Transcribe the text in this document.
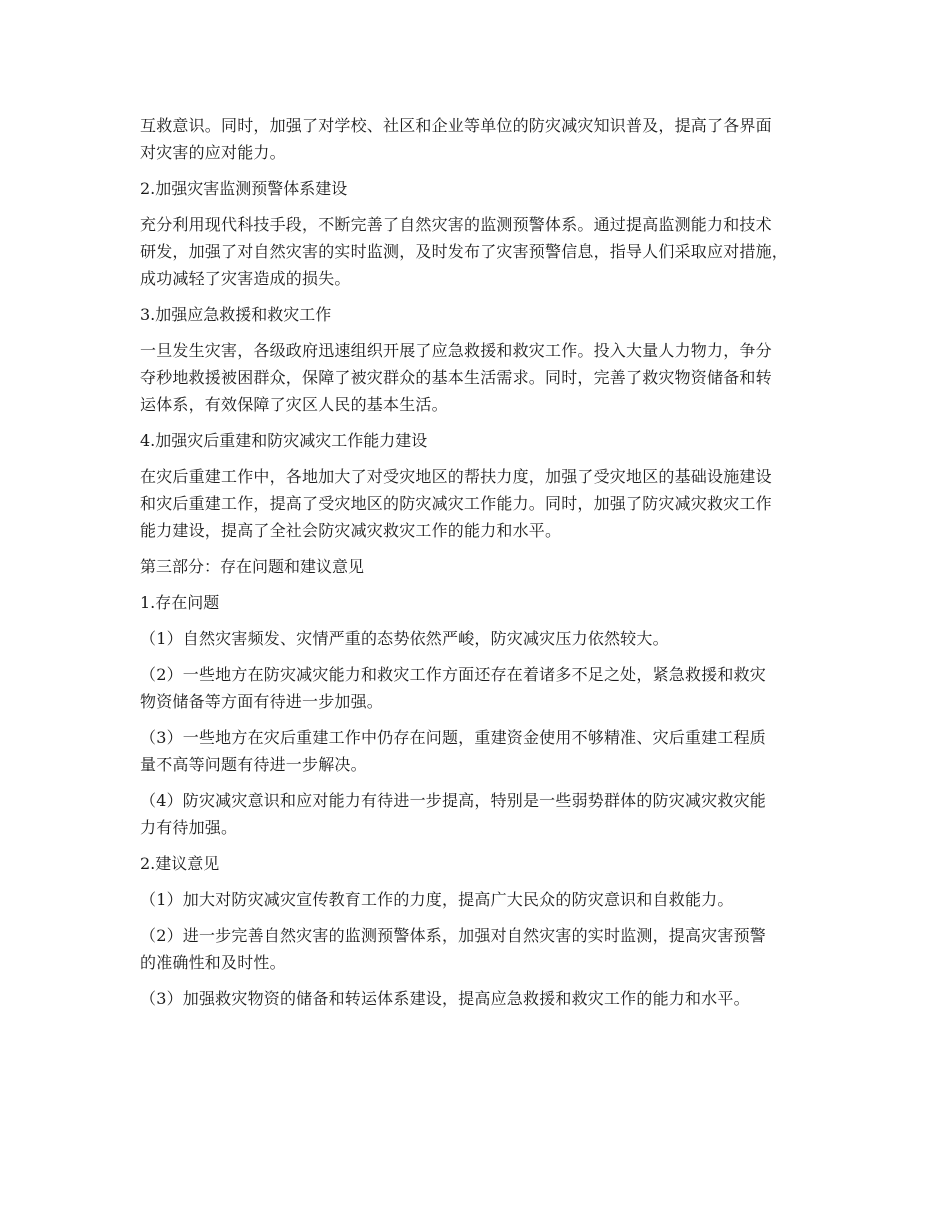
互救意识。同时，加强了对学校、社区和企业等单位的防灾减灾知识普及，提高了各界面
对灾害的应对能力。
2.加强灾害监测预警体系建设
充分利用现代科技手段，不断完善了自然灾害的监测预警体系。通过提高监测能力和技术
研发，加强了对自然灾害的实时监测，及时发布了灾害预警信息，指导人们采取应对措施，
成功减轻了灾害造成的损失。
3.加强应急救援和救灾工作
一旦发生灾害，各级政府迅速组织开展了应急救援和救灾工作。投入大量人力物力，争分
夺秒地救援被困群众，保障了被灾群众的基本生活需求。同时，完善了救灾物资储备和转
运体系，有效保障了灾区人民的基本生活。
4.加强灾后重建和防灾减灾工作能力建设
在灾后重建工作中，各地加大了对受灾地区的帮扶力度，加强了受灾地区的基础设施建设
和灾后重建工作，提高了受灾地区的防灾减灾工作能力。同时，加强了防灾减灾救灾工作
能力建设，提高了全社会防灾减灾救灾工作的能力和水平。
第三部分：存在问题和建议意见
1.存在问题
（1）自然灾害频发、灾情严重的态势依然严峻，防灾减灾压力依然较大。
（2）一些地方在防灾减灾能力和救灾工作方面还存在着诸多不足之处，紧急救援和救灾
物资储备等方面有待进一步加强。
（3）一些地方在灾后重建工作中仍存在问题，重建资金使用不够精准、灾后重建工程质
量不高等问题有待进一步解决。
（4）防灾减灾意识和应对能力有待进一步提高，特别是一些弱势群体的防灾减灾救灾能
力有待加强。
2.建议意见
（1）加大对防灾减灾宣传教育工作的力度，提高广大民众的防灾意识和自救能力。
（2）进一步完善自然灾害的监测预警体系，加强对自然灾害的实时监测，提高灾害预警
的准确性和及时性。
（3）加强救灾物资的储备和转运体系建设，提高应急救援和救灾工作的能力和水平。
